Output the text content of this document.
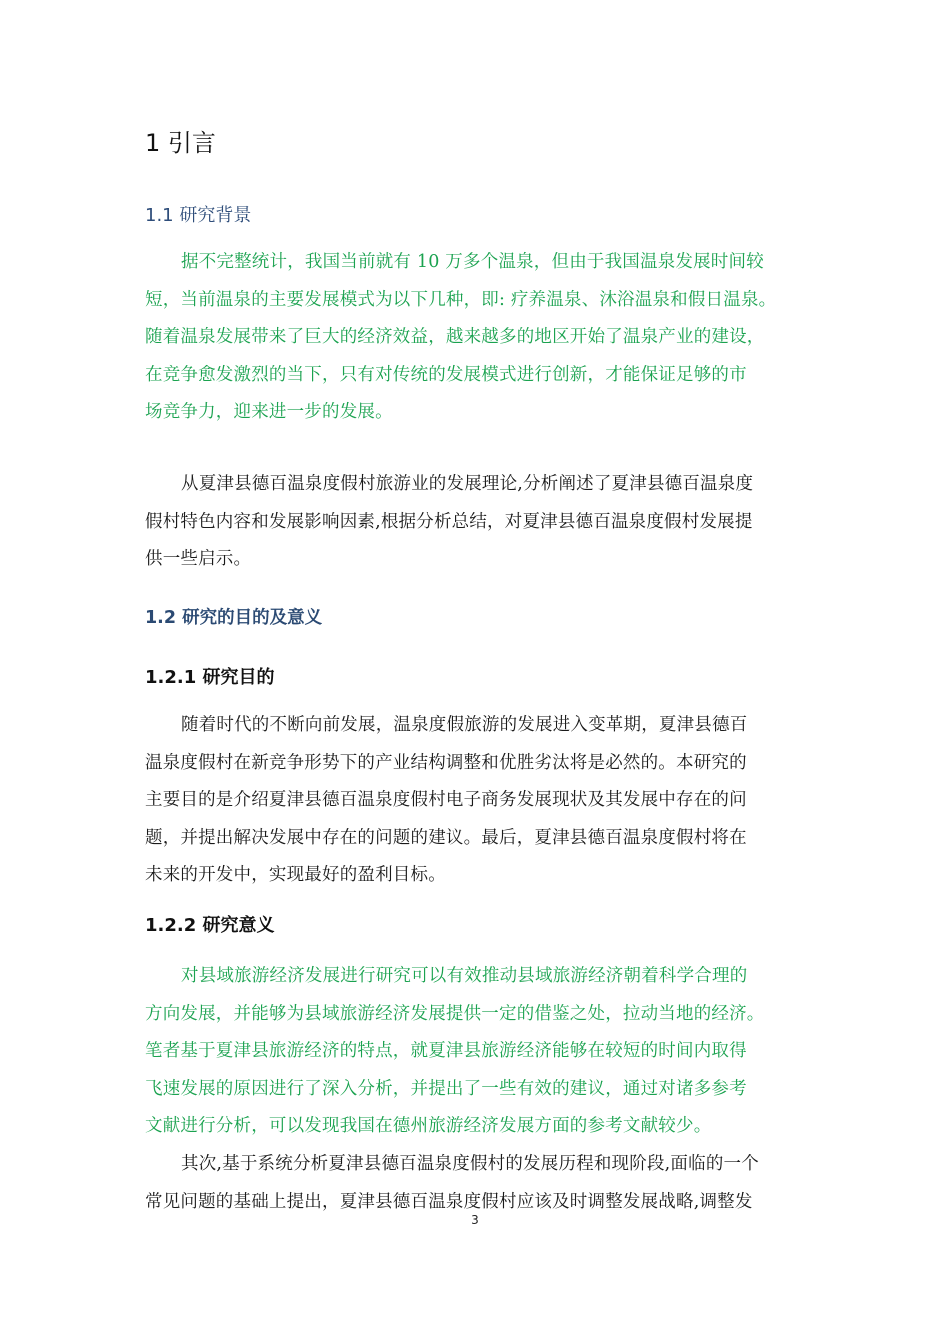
1 引言
1.1 研究背景
据不完整统计，我国当前就有 10 万多个温泉，但由于我国温泉发展时间较
短，当前温泉的主要发展模式为以下几种，即: 疗养温泉、沐浴温泉和假日温泉。
随着温泉发展带来了巨大的经济效益，越来越多的地区开始了温泉产业的建设，
在竞争愈发激烈的当下，只有对传统的发展模式进行创新，才能保证足够的市
场竞争力，迎来进一步的发展。
从夏津县德百温泉度假村旅游业的发展理论,分析阐述了夏津县德百温泉度
假村特色内容和发展影响因素,根据分析总结，对夏津县德百温泉度假村发展提
供一些启示。
1.2 研究的目的及意义
1.2.1 研究目的
随着时代的不断向前发展，温泉度假旅游的发展进入变革期，夏津县德百
温泉度假村在新竞争形势下的产业结构调整和优胜劣汰将是必然的。本研究的
主要目的是介绍夏津县德百温泉度假村电子商务发展现状及其发展中存在的问
题，并提出解决发展中存在的问题的建议。最后，夏津县德百温泉度假村将在
未来的开发中，实现最好的盈利目标。
1.2.2 研究意义
对县域旅游经济发展进行研究可以有效推动县域旅游经济朝着科学合理的
方向发展，并能够为县域旅游经济发展提供一定的借鉴之处，拉动当地的经济。
笔者基于夏津县旅游经济的特点，就夏津县旅游经济能够在较短的时间内取得
飞速发展的原因进行了深入分析，并提出了一些有效的建议，通过对诸多参考
文献进行分析，可以发现我国在德州旅游经济发展方面的参考文献较少。
其次,基于系统分析夏津县德百温泉度假村的发展历程和现阶段,面临的一个
常见问题的基础上提出，夏津县德百温泉度假村应该及时调整发展战略,调整发
3
